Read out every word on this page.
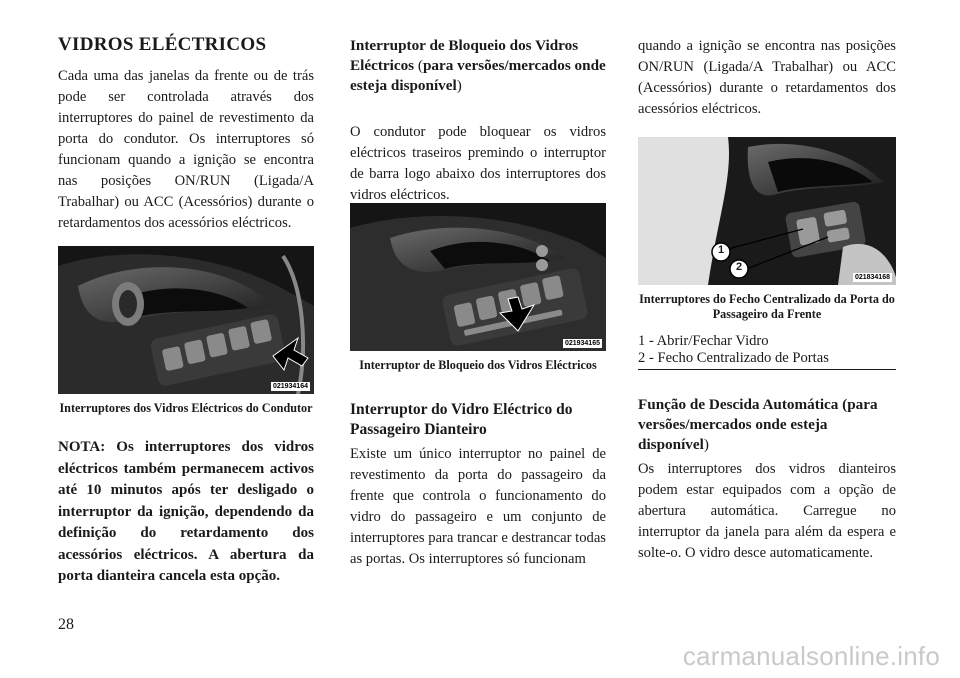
VIDROS ELÉCTRICOS

Cada uma das janelas da frente ou de trás pode ser controlada através dos interruptores do painel de revestimento da porta do condutor. Os interruptores só funcionam quando a ignição se encontra nas posições ON/RUN (Ligada/A Trabalhar) ou ACC (Acessórios) durante o retardamentos dos acessórios eléctricos.

021934164

Interruptores dos Vidros Eléctricos do Condutor

NOTA: Os interruptores dos vidros eléctricos também permanecem activos até 10 minutos após ter desligado o interruptor da ignição, dependendo da definição do retardamento dos acessórios eléctricos. A abertura da porta dianteira cancela esta opção.

Interruptor de Bloqueio dos Vidros Eléctricos (para versões/mercados onde esteja disponível)

O condutor pode bloquear os vidros eléctricos traseiros premindo o interruptor de barra logo abaixo dos interruptores dos vidros eléctricos.

021934165

Interruptor de Bloqueio dos Vidros Eléctricos

Interruptor do Vidro Eléctrico do Passageiro Dianteiro

Existe um único interruptor no painel de revestimento da porta do passageiro da frente que controla o funcionamento do vidro do passageiro e um conjunto de interruptores para trancar e destrancar todas as portas. Os interruptores só funcionam

quando a ignição se encontra nas posições ON/RUN (Ligada/A Trabalhar) ou ACC (Acessórios) durante o retardamentos dos acessórios eléctricos.

1
2
021834168

Interruptores do Fecho Centralizado da Porta do Passageiro da Frente

1 - Abrir/Fechar Vidro

2 - Fecho Centralizado de Portas

Função de Descida Automática (para versões/mercados onde esteja disponível)

Os interruptores dos vidros dianteiros podem estar equipados com a opção de abertura automática. Carregue no interruptor da janela para além da espera e solte-o. O vidro desce automaticamente.

28
carmanualsonline.info
